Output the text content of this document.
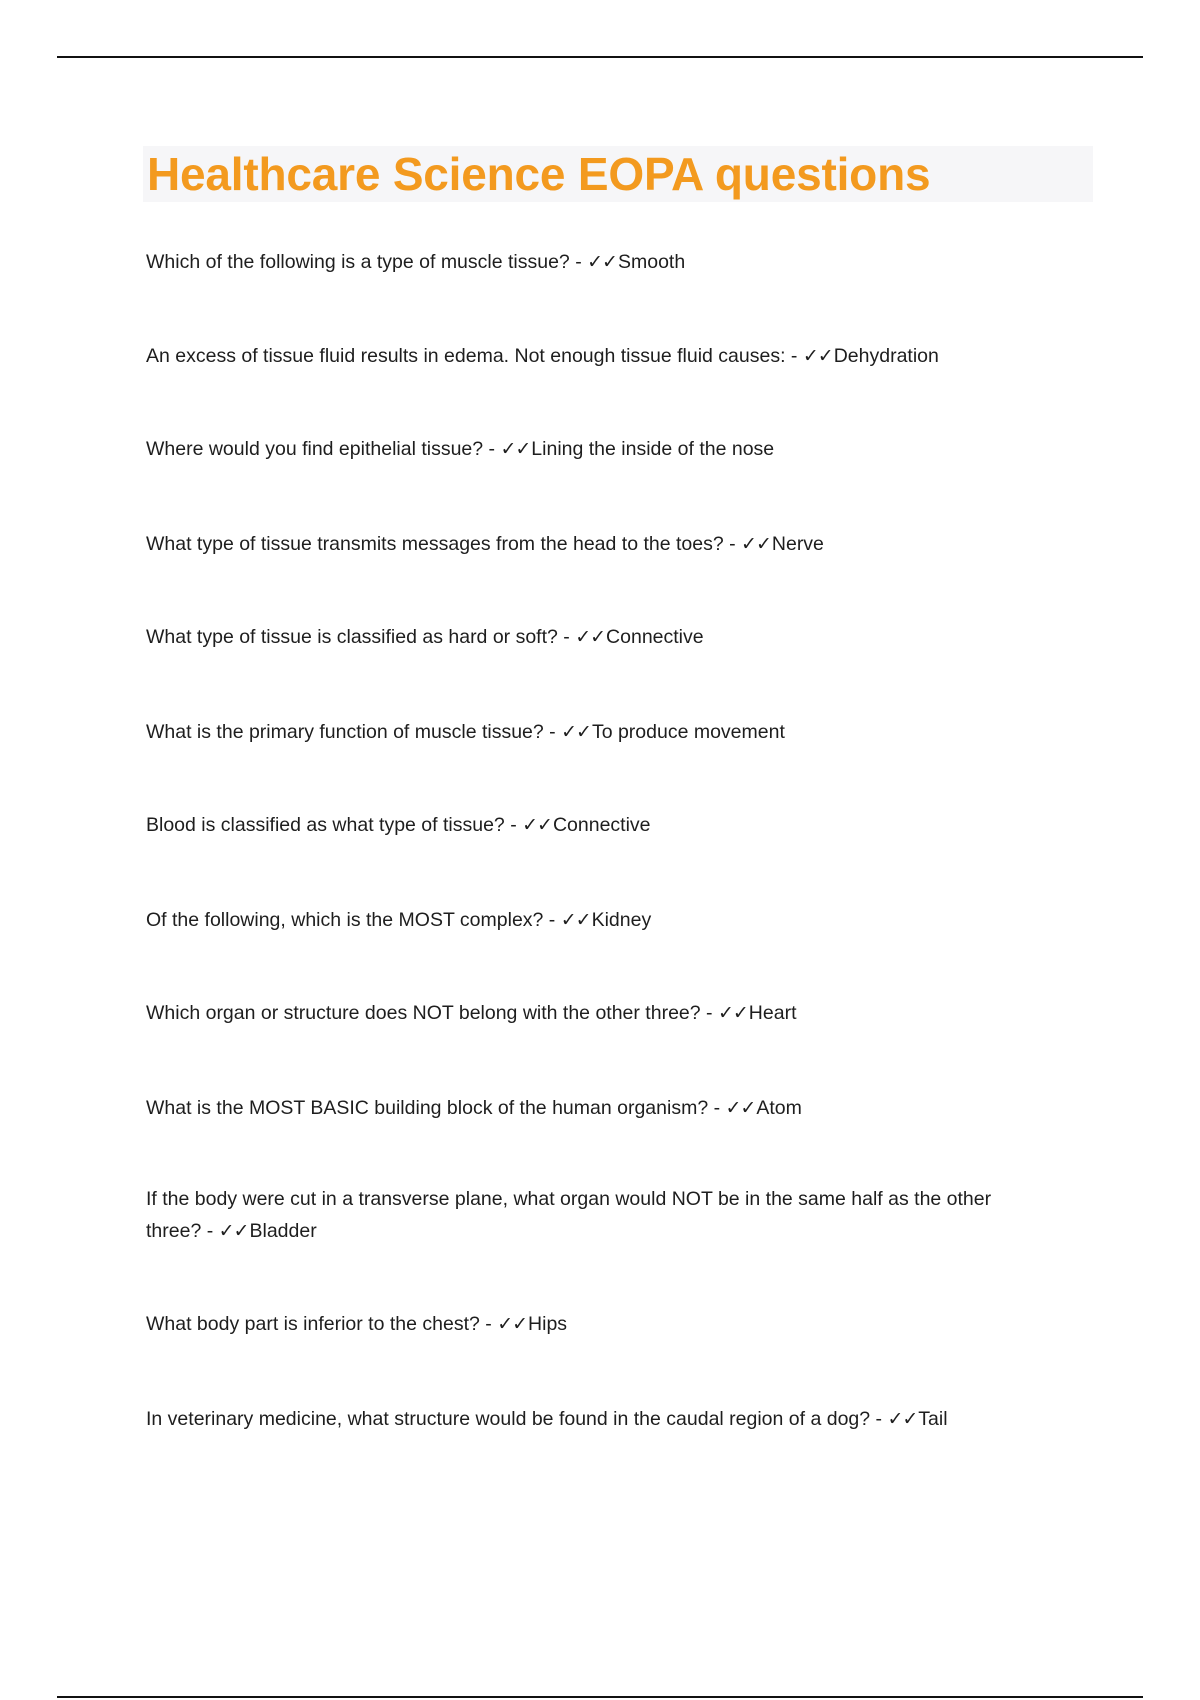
Healthcare Science EOPA questions

Which of the following is a type of muscle tissue? - ✓✓Smooth

An excess of tissue fluid results in edema. Not enough tissue fluid causes: - ✓✓Dehydration

Where would you find epithelial tissue? - ✓✓Lining the inside of the nose

What type of tissue transmits messages from the head to the toes? - ✓✓Nerve

What type of tissue is classified as hard or soft? - ✓✓Connective

What is the primary function of muscle tissue? - ✓✓To produce movement

Blood is classified as what type of tissue? - ✓✓Connective

Of the following, which is the MOST complex? - ✓✓Kidney

Which organ or structure does NOT belong with the other three? - ✓✓Heart

What is the MOST BASIC building block of the human organism? - ✓✓Atom

If the body were cut in a transverse plane, what organ would NOT be in the same half as the other three? - ✓✓Bladder

What body part is inferior to the chest? - ✓✓Hips

In veterinary medicine, what structure would be found in the caudal region of a dog? - ✓✓Tail
